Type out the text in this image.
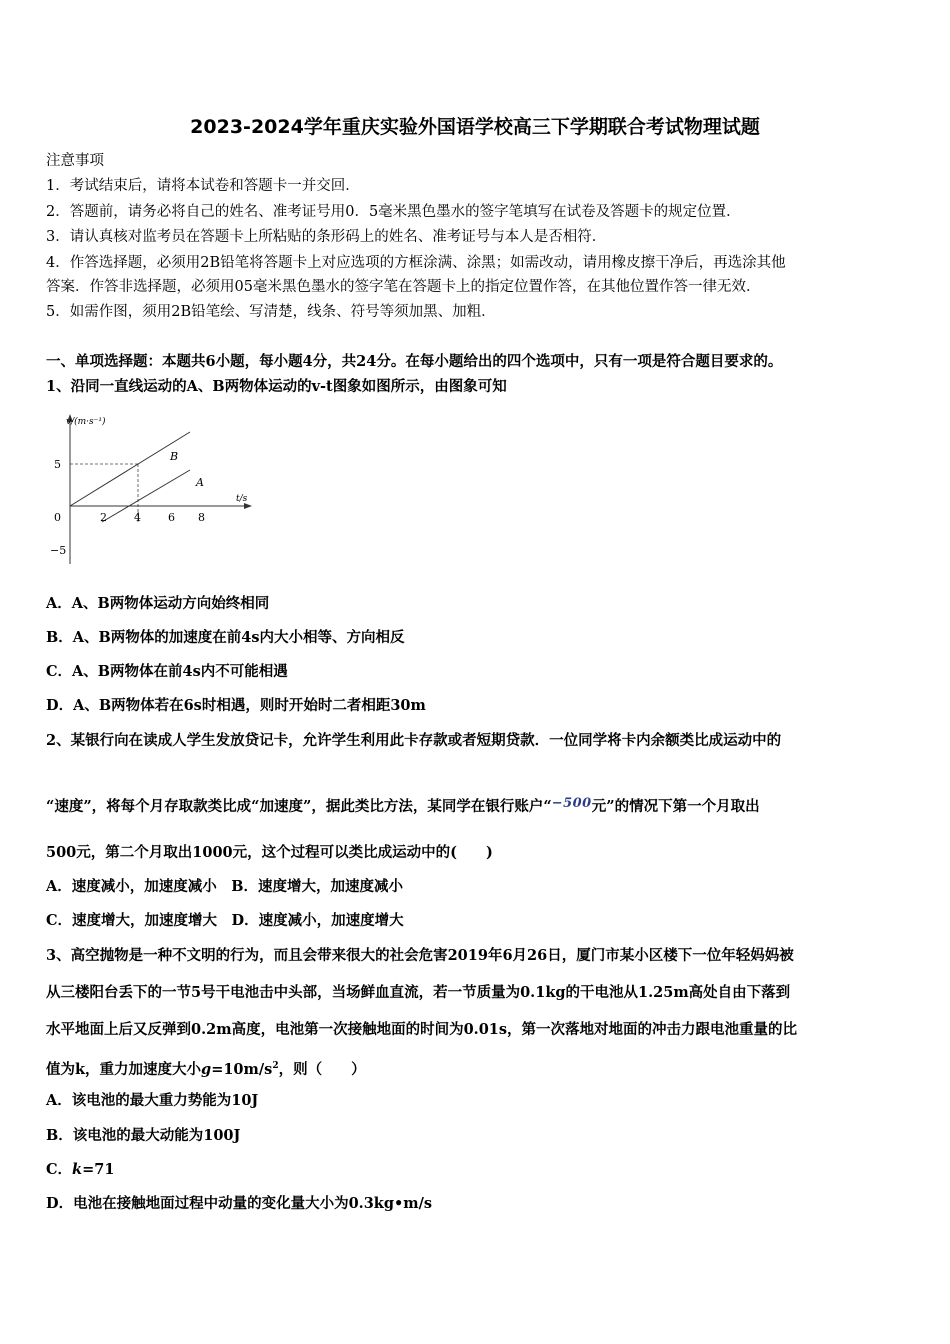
2023-2024学年重庆实验外国语学校高三下学期联合考试物理试题
注意事项
1．考试结束后，请将本试卷和答题卡一并交回．
2．答题前，请务必将自己的姓名、准考证号用0．5毫米黑色墨水的签字笔填写在试卷及答题卡的规定位置．
3．请认真核对监考员在答题卡上所粘贴的条形码上的姓名、准考证号与本人是否相符．
4．作答选择题，必须用2B铅笔将答题卡上对应选项的方框涂满、涂黑；如需改动，请用橡皮擦干净后，再选涂其他
答案．作答非选择题，必须用05毫米黑色墨水的签字笔在答题卡上的指定位置作答，在其他位置作答一律无效．
5．如需作图，须用2B铅笔绘、写清楚，线条、符号等须加黑、加粗．
一、单项选择题：本题共6小题，每小题4分，共24分。在每小题给出的四个选项中，只有一项是符合题目要求的。
1、沿同一直线运动的A、B两物体运动的v-t图象如图所示，由图象可知
v/(m·s⁻¹)
t/s
5
0
−5
2 4 6 8
B
A
A．A、B两物体运动方向始终相同
B．A、B两物体的加速度在前4s内大小相等、方向相反
C．A、B两物体在前4s内不可能相遇
D．A、B两物体若在6s时相遇，则时开始时二者相距30m
2、某银行向在读成人学生发放贷记卡，允许学生利用此卡存款或者短期贷款．一位同学将卡内余额类比成运动中的
“速度”，将每个月存取款类比成“加速度”，据此类比方法，某同学在银行账户“−500元”的情况下第一个月取出
500元，第二个月取出1000元，这个过程可以类比成运动中的(　　)
A．速度减小，加速度减小　B．速度增大，加速度减小
C．速度增大，加速度增大　D．速度减小，加速度增大
3、高空抛物是一种不文明的行为，而且会带来很大的社会危害2019年6月26日，厦门市某小区楼下一位年轻妈妈被
从三楼阳台丢下的一节5号干电池击中头部，当场鲜血直流，若一节质量为0.1kg的干电池从1.25m高处自由下落到
水平地面上后又反弹到0.2m高度，电池第一次接触地面的时间为0.01s，第一次落地对地面的冲击力跟电池重量的比
值为k，重力加速度大小$g=10m/s^2$，则（　　）
A．该电池的最大重力势能为10J
B．该电池的最大动能为100J
C．k=71
D．电池在接触地面过程中动量的变化量大小为0.3kg•m/s
